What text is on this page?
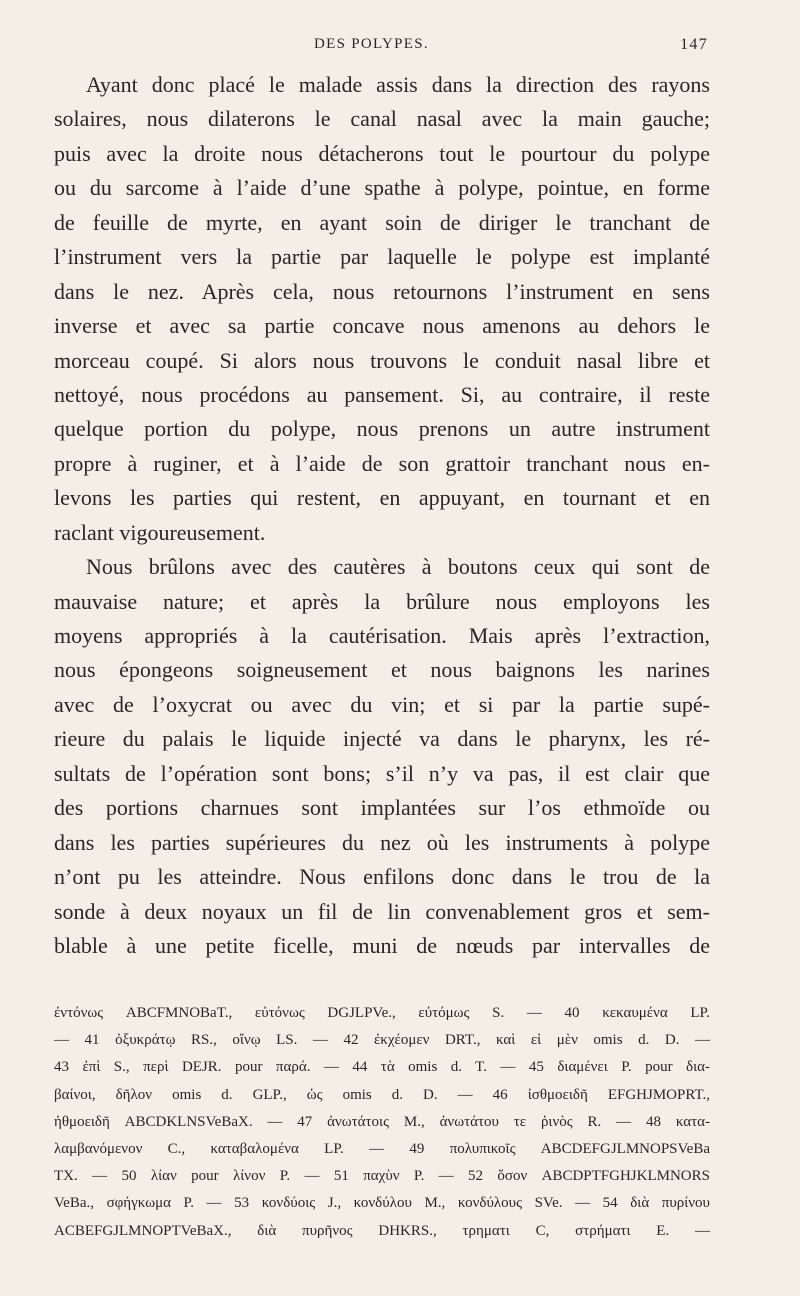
DES POLYPES.	147
Ayant donc placé le malade assis dans la direction des rayons
solaires, nous dilaterons le canal nasal avec la main gauche;
puis avec la droite nous détacherons tout le pourtour du polype
ou du sarcome à l’aide d’une spathe à polype, pointue, en forme
de feuille de myrte, en ayant soin de diriger le tranchant de
l’instrument vers la partie par laquelle le polype est implanté
dans le nez. Après cela, nous retournons l’instrument en sens
inverse et avec sa partie concave nous amenons au dehors le
morceau coupé. Si alors nous trouvons le conduit nasal libre et
nettoyé, nous procédons au pansement. Si, au contraire, il reste
quelque portion du polype, nous prenons un autre instrument
propre à ruginer, et à l’aide de son grattoir tranchant nous en-
levons les parties qui restent, en appuyant, en tournant et en
raclant vigoureusement.
Nous brûlons avec des cautères à boutons ceux qui sont de
mauvaise nature; et après la brûlure nous employons les
moyens appropriés à la cautérisation. Mais après l’extraction,
nous épongeons soigneusement et nous baignons les narines
avec de l’oxycrat ou avec du vin; et si par la partie supé-
rieure du palais le liquide injecté va dans le pharynx, les ré-
sultats de l’opération sont bons; s’il n’y va pas, il est clair que
des portions charnues sont implantées sur l’os ethmoïde ou
dans les parties supérieures du nez où les instruments à polype
n’ont pu les atteindre. Nous enfilons donc dans le trou de la
sonde à deux noyaux un fil de lin convenablement gros et sem-
blable à une petite ficelle, muni de nœuds par intervalles de
ἐντόνως ABCFMNOBaT., εὐτόνως DGJLPVe., εὐτόμως S. — 40 κεκαυμένα LP.
— 41 ὀξυκράτῳ RS., οἴνῳ LS. — 42 ἐκχέομεν DRT., καὶ εἰ μὲν omis d. D. —
43 ἐπὶ S., περὶ DEJR. pour παρά. — 44 τὰ omis d. T. — 45 διαμένει P. pour δια-
βαίνοι, δῆλον omis d. GLP., ὡς omis d. D. — 46 ἰσθμοειδῆ EFGHJMOPRT.,
ἠθμοειδῆ ABCDKLNSVeBaX. — 47 ἀνωτάτοις M., ἀνωτάτου τε ῥινὸς R. — 48 κατα-
λαμβανόμενον C., καταβαλομένα LP. — 49 πολυπικοῖς ABCDEFGJLMNOPSVeBa
TX. — 50 λίαν pour λίνον P. — 51 παχὺν P. — 52 ὅσον ABCDPTFGHJKLMNORS
VeBa., σφήγκωμα P. — 53 κονδύοις J., κονδύλου M., κονδύλους SVe. — 54 διὰ πυρίνου
ACBEFGJLMNOPTVeBaX., διὰ πυρῆνος DHKRS., τρηματι C, στρήματι E. —
